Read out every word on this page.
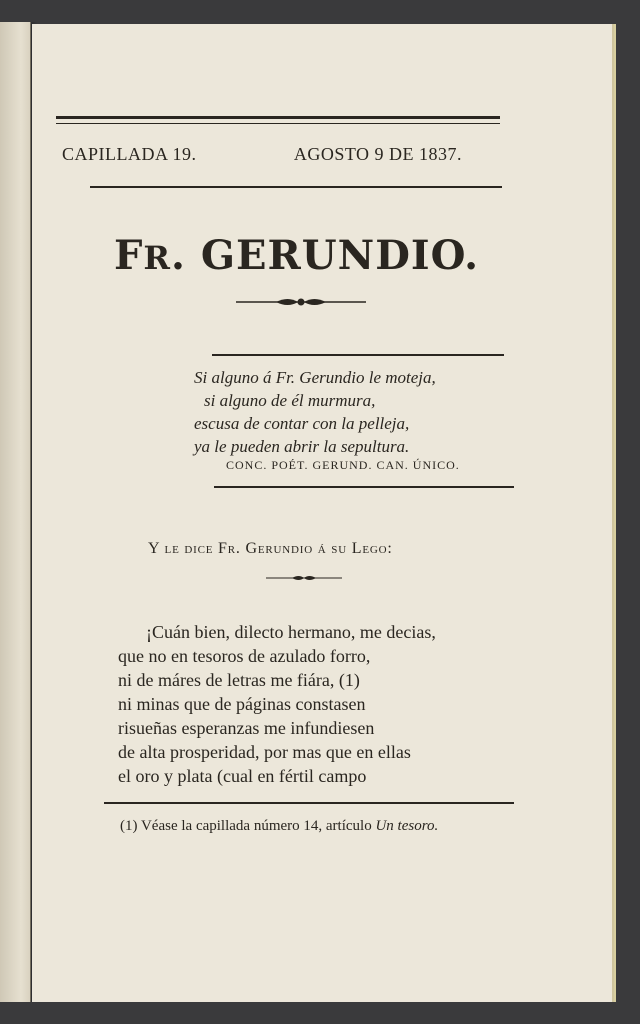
CAPILLADA 19.	AGOSTO 9 DE 1837.
FR. GERUNDIO.
Si alguno á Fr. Gerundio le moteja,
si alguno de él murmura,
escusa de contar con la pelleja,
ya le pueden abrir la sepultura.
CONC. POÉT. GERUND. CAN. ÚNICO.
Y le dice Fr. Gerundio á su Lego:
¡Cuán bien, dilecto hermano, me decias,
que no en tesoros de azulado forro,
ni de máres de letras me fiára, (1)
ni minas que de páginas constasen
risueñas esperanzas me infundiesen
de alta prosperidad, por mas que en ellas
el oro y plata (cual en fértil campo
(1) Véase la capillada número 14, artículo Un tesoro.
